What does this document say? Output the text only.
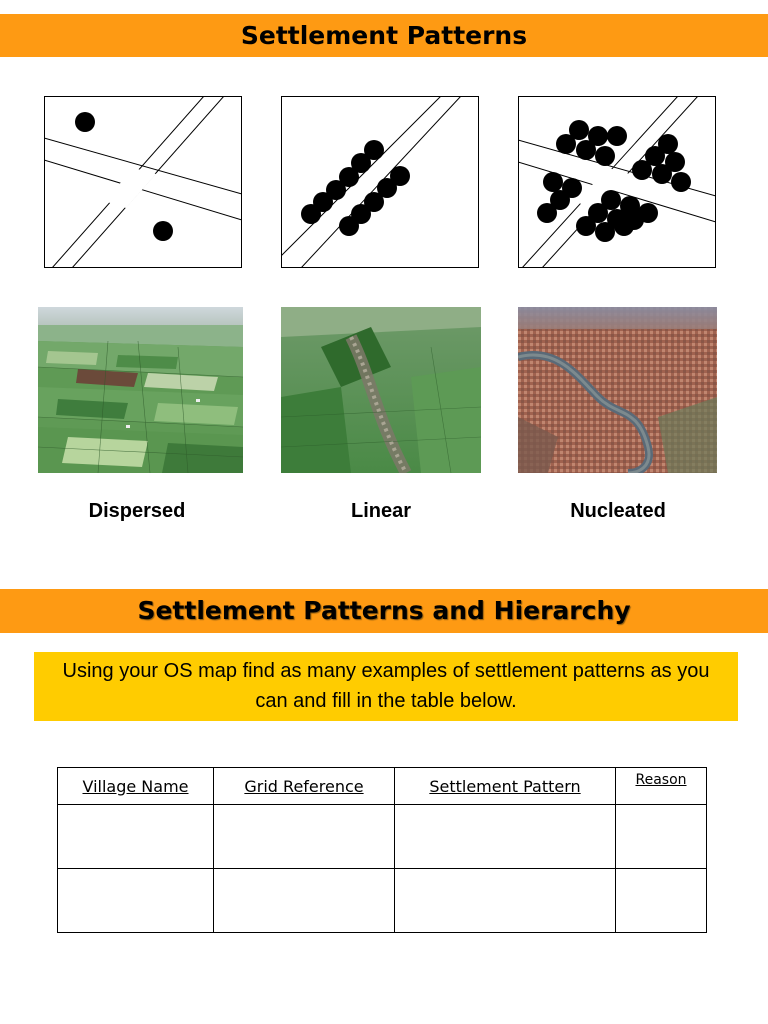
Settlement Patterns
Dispersed	Linear	Nucleated
Settlement Patterns and Hierarchy
Using your OS map find as many examples of settlement patterns as you can and fill in the table below.
Village Name	Grid Reference	Settlement Pattern	Reason
